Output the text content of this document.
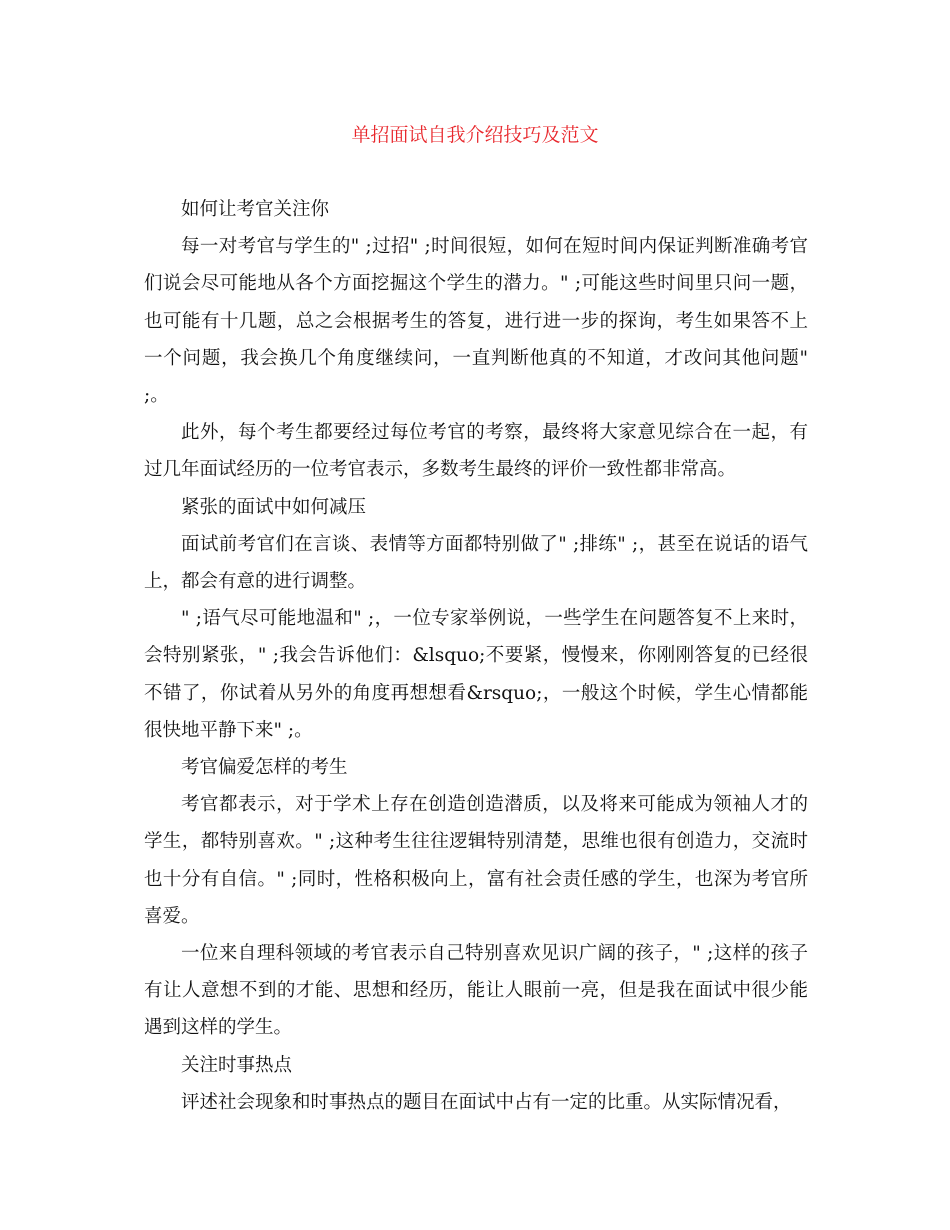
单招面试自我介绍技巧及范文

如何让考官关注你

每一对考官与学生的" ;过招" ;时间很短，如何在短时间内保证判断准确考官们说会尽可能地从各个方面挖掘这个学生的潜力。" ;可能这些时间里只问一题，也可能有十几题，总之会根据考生的答复，进行进一步的探询，考生如果答不上一个问题，我会换几个角度继续问，一直判断他真的不知道，才改问其他问题" ;。

此外，每个考生都要经过每位考官的考察，最终将大家意见综合在一起，有过几年面试经历的一位考官表示，多数考生最终的评价一致性都非常高。

紧张的面试中如何减压

面试前考官们在言谈、表情等方面都特别做了" ;排练" ;，甚至在说话的语气上，都会有意的进行调整。

" ;语气尽可能地温和" ;，一位专家举例说，一些学生在问题答复不上来时，会特别紧张，" ;我会告诉他们：&lsquo;不要紧，慢慢来，你刚刚答复的已经很不错了，你试着从另外的角度再想想看&rsquo;，一般这个时候，学生心情都能很快地平静下来" ;。

考官偏爱怎样的考生

考官都表示，对于学术上存在创造创造潜质，以及将来可能成为领袖人才的学生，都特别喜欢。" ;这种考生往往逻辑特别清楚，思维也很有创造力，交流时也十分有自信。" ;同时，性格积极向上，富有社会责任感的学生，也深为考官所喜爱。

一位来自理科领域的考官表示自己特别喜欢见识广阔的孩子，" ;这样的孩子有让人意想不到的才能、思想和经历，能让人眼前一亮，但是我在面试中很少能遇到这样的学生。

关注时事热点

评述社会现象和时事热点的题目在面试中占有一定的比重。从实际情况看，
